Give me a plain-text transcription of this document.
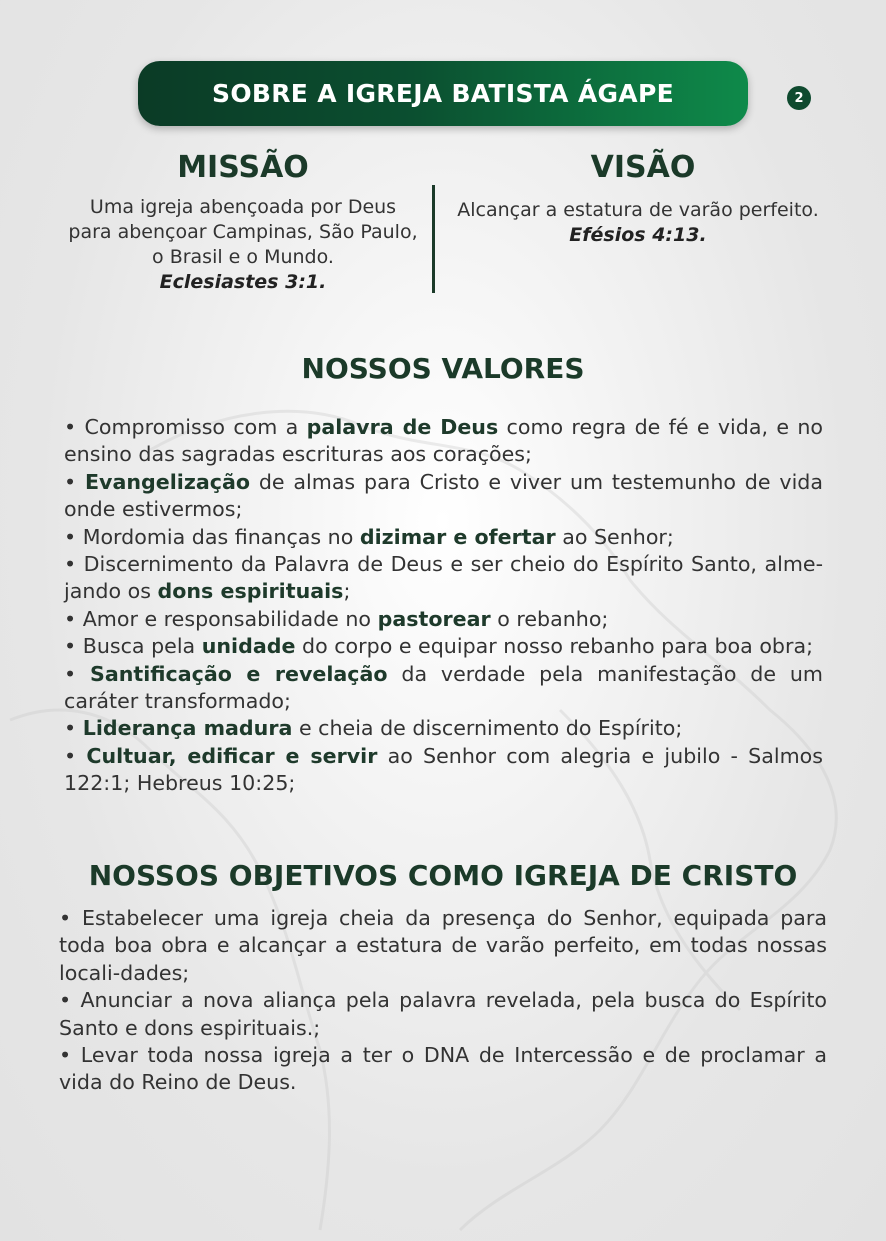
SOBRE A IGREJA BATISTA ÁGAPE	2
MISSÃO
Uma igreja abençoada por Deus
para abençoar Campinas, São Paulo,
o Brasil e o Mundo.
Eclesiastes 3:1.
VISÃO
Alcançar a estatura de varão perfeito.
Efésios 4:13.
NOSSOS VALORES
• Compromisso com a palavra de Deus como regra de fé e vida, e no ensino das sagradas escrituras aos corações;
• Evangelização de almas para Cristo e viver um testemunho de vida onde estivermos;
• Mordomia das finanças no dizimar e ofertar ao Senhor;
• Discernimento da Palavra de Deus e ser cheio do Espírito Santo, alme-jando os dons espirituais;
• Amor e responsabilidade no pastorear o rebanho;
• Busca pela unidade do corpo e equipar nosso rebanho para boa obra;
• Santificação e revelação da verdade pela manifestação de um caráter transformado;
• Liderança madura e cheia de discernimento do Espírito;
• Cultuar, edificar e servir ao Senhor com alegria e jubilo - Salmos 122:1; Hebreus 10:25;
NOSSOS OBJETIVOS COMO IGREJA DE CRISTO
• Estabelecer uma igreja cheia da presença do Senhor, equipada para toda boa obra e alcançar a estatura de varão perfeito, em todas nossas locali-dades;
• Anunciar a nova aliança pela palavra revelada, pela busca do Espírito Santo e dons espirituais.;
• Levar toda nossa igreja a ter o DNA de Intercessão e de proclamar a vida do Reino de Deus.
